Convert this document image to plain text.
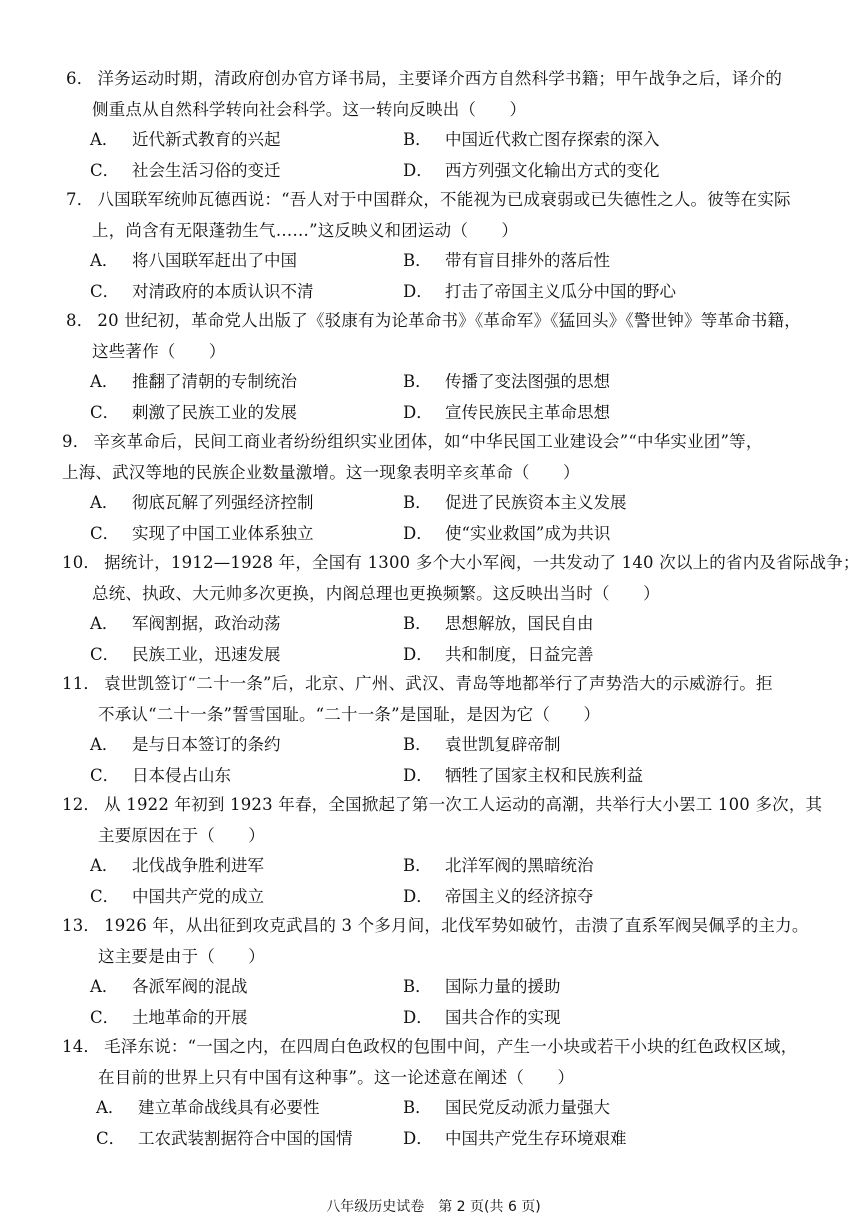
6． 洋务运动时期，清政府创办官方译书局，主要译介西方自然科学书籍；甲午战争之后，译介的
侧重点从自然科学转向社会科学。这一转向反映出（　　）
A． 近代新式教育的兴起	B． 中国近代救亡图存探索的深入
C． 社会生活习俗的变迁	D． 西方列强文化输出方式的变化
7． 八国联军统帅瓦德西说：“吾人对于中国群众，不能视为已成衰弱或已失德性之人。彼等在实际
上，尚含有无限蓬勃生气……”这反映义和团运动（　　）
A． 将八国联军赶出了中国	B． 带有盲目排外的落后性
C． 对清政府的本质认识不清	D． 打击了帝国主义瓜分中国的野心
8． 20 世纪初，革命党人出版了《驳康有为论革命书》《革命军》《猛回头》《警世钟》等革命书籍，
这些著作（　　）
A． 推翻了清朝的专制统治	B． 传播了变法图强的思想
C． 刺激了民族工业的发展	D． 宣传民族民主革命思想
9． 辛亥革命后，民间工商业者纷纷组织实业团体，如“中华民国工业建设会”“中华实业团”等，
上海、武汉等地的民族企业数量激增。这一现象表明辛亥革命（　　）
A． 彻底瓦解了列强经济控制	B． 促进了民族资本主义发展
C． 实现了中国工业体系独立	D． 使“实业救国”成为共识
10． 据统计，1912—1928 年，全国有 1300 多个大小军阀，一共发动了 140 次以上的省内及省际战争；
总统、执政、大元帅多次更换，内阁总理也更换频繁。这反映出当时（　　）
A． 军阀割据，政治动荡	B． 思想解放，国民自由
C． 民族工业，迅速发展	D． 共和制度，日益完善
11． 袁世凯签订“二十一条”后，北京、广州、武汉、青岛等地都举行了声势浩大的示威游行。拒
不承认“二十一条”誓雪国耻。“二十一条”是国耻，是因为它（　　）
A． 是与日本签订的条约	B． 袁世凯复辟帝制
C． 日本侵占山东	D． 牺牲了国家主权和民族利益
12． 从 1922 年初到 1923 年春，全国掀起了第一次工人运动的高潮，共举行大小罢工 100 多次，其
主要原因在于（　　）
A． 北伐战争胜利进军	B． 北洋军阀的黑暗统治
C． 中国共产党的成立	D． 帝国主义的经济掠夺
13． 1926 年，从出征到攻克武昌的 3 个多月间，北伐军势如破竹，击溃了直系军阀吴佩孚的主力。
这主要是由于（　　）
A． 各派军阀的混战	B． 国际力量的援助
C． 土地革命的开展	D． 国共合作的实现
14． 毛泽东说：“一国之内，在四周白色政权的包围中间，产生一小块或若干小块的红色政权区域，
在目前的世界上只有中国有这种事”。这一论述意在阐述（　　）
A． 建立革命战线具有必要性	B． 国民党反动派力量强大
C． 工农武装割据符合中国的国情	D． 中国共产党生存环境艰难
八年级历史试卷　第 2 页(共 6 页)
